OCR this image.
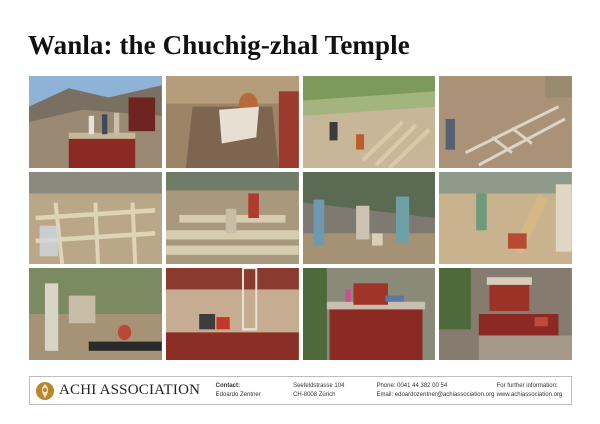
Wanla: the Chuchig-zhal Temple
ACHI ASSOCIATION	Contact:
Edoardo Zentner
Seefeldstrasse 104
CH-8008 Zürich
Phone: 0041 44 382 00 54
Email: edoardozentner@achiassociation.org
For further information:
www.achiassociation.org
